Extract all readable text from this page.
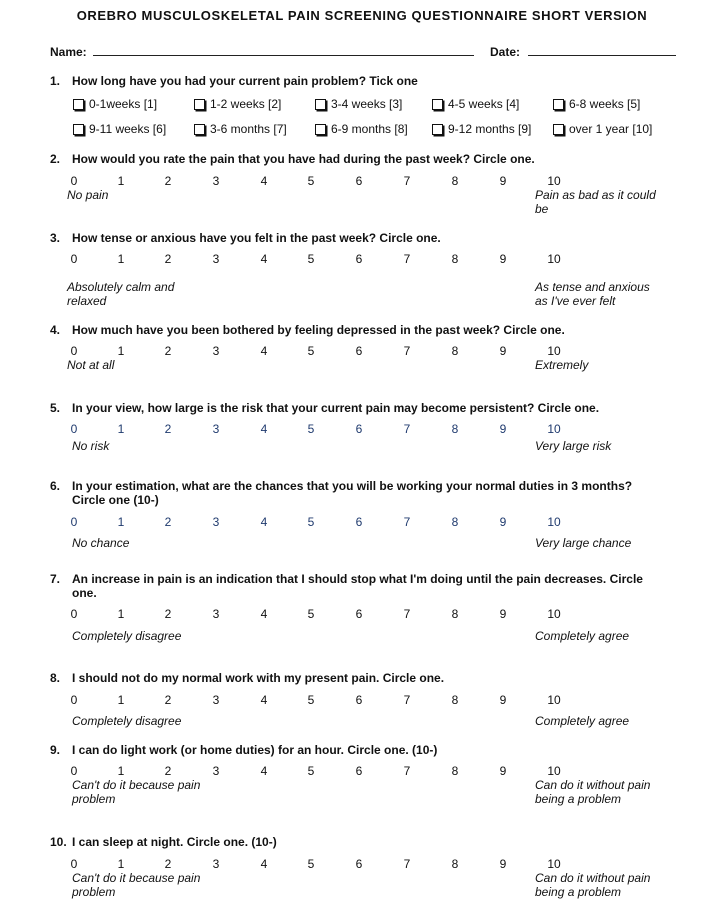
OREBRO MUSCULOSKELETAL PAIN SCREENING QUESTIONNAIRE SHORT VERSION
Name:	Date:
1. How long have you had your current pain problem? Tick one
0-1weeks [1]	1-2 weeks [2]	3-4 weeks [3]	4-5 weeks [4]	6-8 weeks [5]
9-11 weeks [6]	3-6 months [7]	6-9 months [8]	9-12 months [9]	over 1 year [10]
2. How would you rate the pain that you have had during the past week? Circle one.
0	1	2	3	4	5	6	7	8	9	10
No pain	Pain as bad as it could be
3. How tense or anxious have you felt in the past week? Circle one.
0	1	2	3	4	5	6	7	8	9	10
Absolutely calm and relaxed
As tense and anxious as I've ever felt
4. How much have you been bothered by feeling depressed in the past week? Circle one.
0	1	2	3	4	5	6	7	8	9	10
Not at all	Extremely
5. In your view, how large is the risk that your current pain may become persistent? Circle one.
0	1	2	3	4	5	6	7	8	9	10
No risk	Very large risk
6. In your estimation, what are the chances that you will be working your normal duties in 3 months? Circle one (10-)
0	1	2	3	4	5	6	7	8	9	10
No chance	Very large chance
7. An increase in pain is an indication that I should stop what I'm doing until the pain decreases. Circle one.
0	1	2	3	4	5	6	7	8	9	10
Completely disagree	Completely agree
8. I should not do my normal work with my present pain. Circle one.
0	1	2	3	4	5	6	7	8	9	10
Completely disagree	Completely agree
9. I can do light work (or home duties) for an hour. Circle one. (10-)
0	1	2	3	4	5	6	7	8	9	10
Can't do it because pain problem
Can do it without pain being a problem
10. I can sleep at night. Circle one. (10-)
0	1	2	3	4	5	6	7	8	9	10
Can't do it because pain problem
Can do it without pain being a problem
